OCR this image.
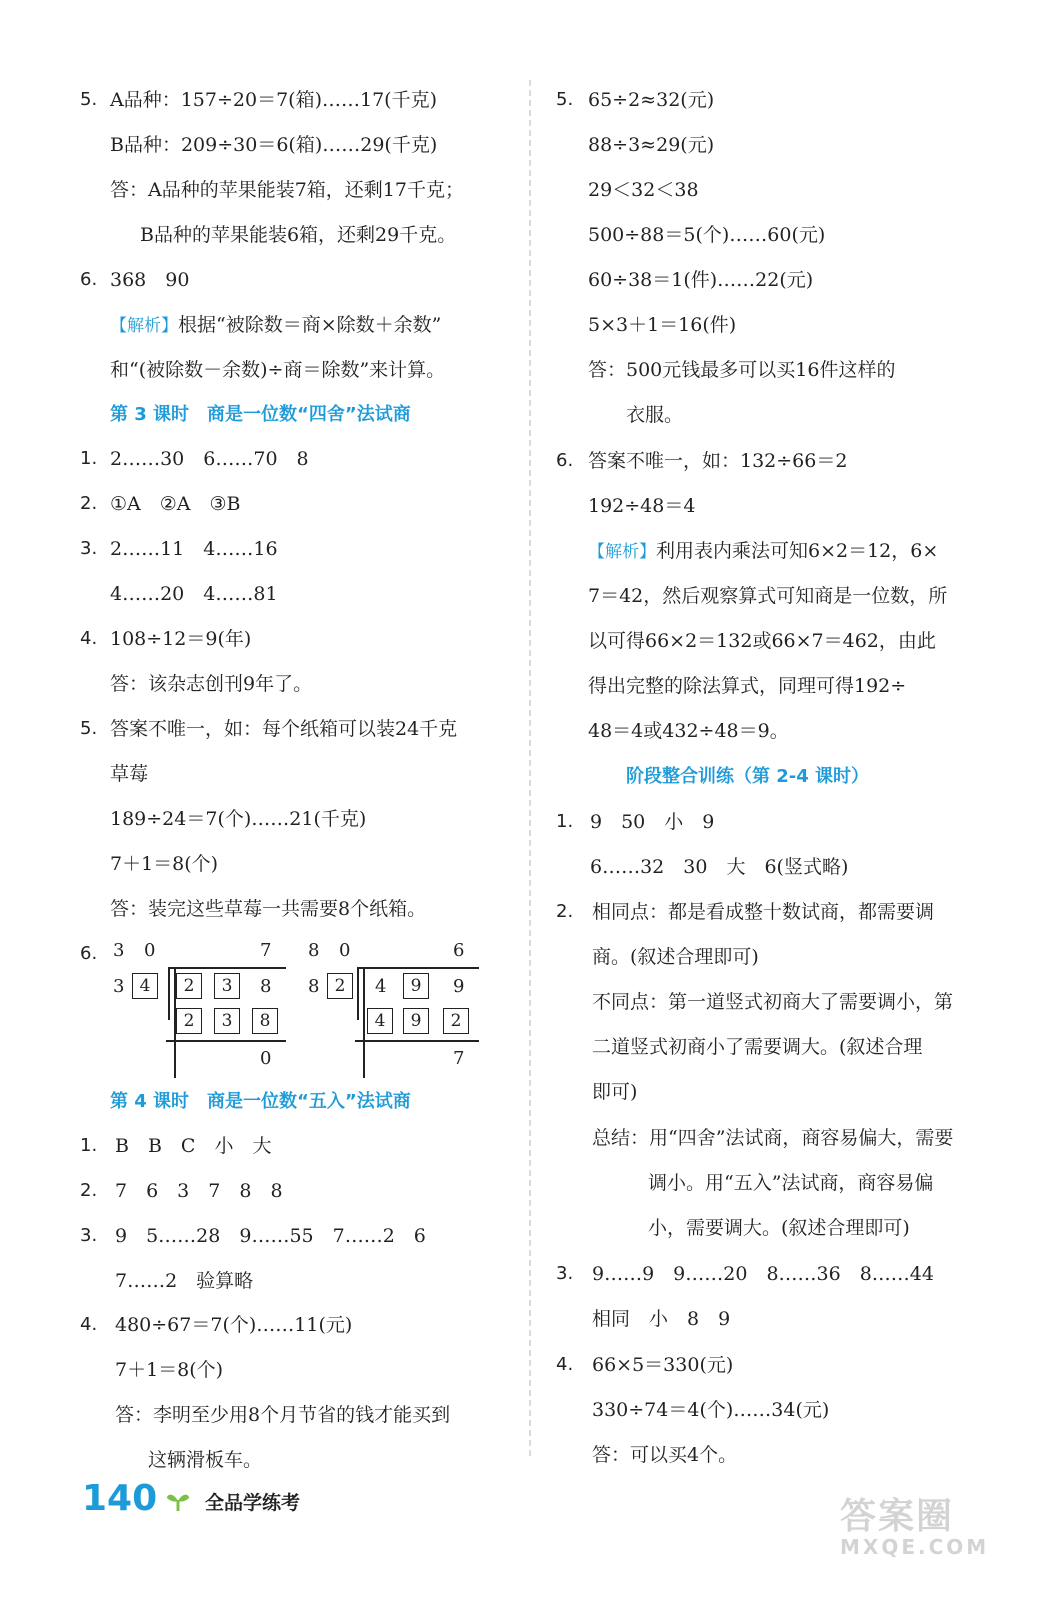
5. A品种：157÷20＝7(箱)……17(千克)
B品种：209÷30＝6(箱)……29(千克)
答：A品种的苹果能装7箱，还剩17千克；
B品种的苹果能装6箱，还剩29千克。
6. 368　90
【解析】根据“被除数＝商×除数＋余数”
和“(被除数－余数)÷商＝除数”来计算。
第 3 课时　商是一位数“四舍”法试商
1. 2……30　6……70　8
2. ①A　②A　③B
3. 2……11　4……16
4……20　4……81
4. 108÷12＝9(年)
答：该杂志创刊9年了。
5. 答案不唯一，如：每个纸箱可以装24千克
草莓
189÷24＝7(个)……21(千克)
7＋1＝8(个)
答：装完这些草莓一共需要8个纸箱。
6. 3 0	7
3 4	2	3	8
2	3	8
0
8 0	6
8 2	4	9	9
4	9	2
7
第 4 课时　商是一位数“五入”法试商
1. B　B　C　小　大
2. 7　6　3　7　8　8
3. 9　5……28　9……55　7……2　6
7……2　验算略
4. 480÷67＝7(个)……11(元)
7＋1＝8(个)
答：李明至少用8个月节省的钱才能买到
这辆滑板车。
5. 65÷2≈32(元)
88÷3≈29(元)
29＜32＜38
500÷88＝5(个)……60(元)
60÷38＝1(件)……22(元)
5×3＋1＝16(件)
答：500元钱最多可以买16件这样的
衣服。
6. 答案不唯一，如：132÷66＝2
192÷48＝4
【解析】利用表内乘法可知6×2＝12，6×
7＝42，然后观察算式可知商是一位数，所
以可得66×2＝132或66×7＝462，由此
得出完整的除法算式，同理可得192÷
48＝4或432÷48＝9。
阶段整合训练（第 2-4 课时）
1. 9　50　小　9
6……32　30　大　6(竖式略)
2. 相同点：都是看成整十数试商，都需要调
商。(叙述合理即可)
不同点：第一道竖式初商大了需要调小，第
二道竖式初商小了需要调大。(叙述合理
即可)
总结：用“四舍”法试商，商容易偏大，需要
调小。用“五入”法试商，商容易偏
小，需要调大。(叙述合理即可)
3. 9……9　9……20　8……36　8……44
相同　小　8　9
4. 66×5＝330(元)
330÷74＝4(个)……34(元)
答：可以买4个。
140	全品学练考	答案圈
MXQE.COM
